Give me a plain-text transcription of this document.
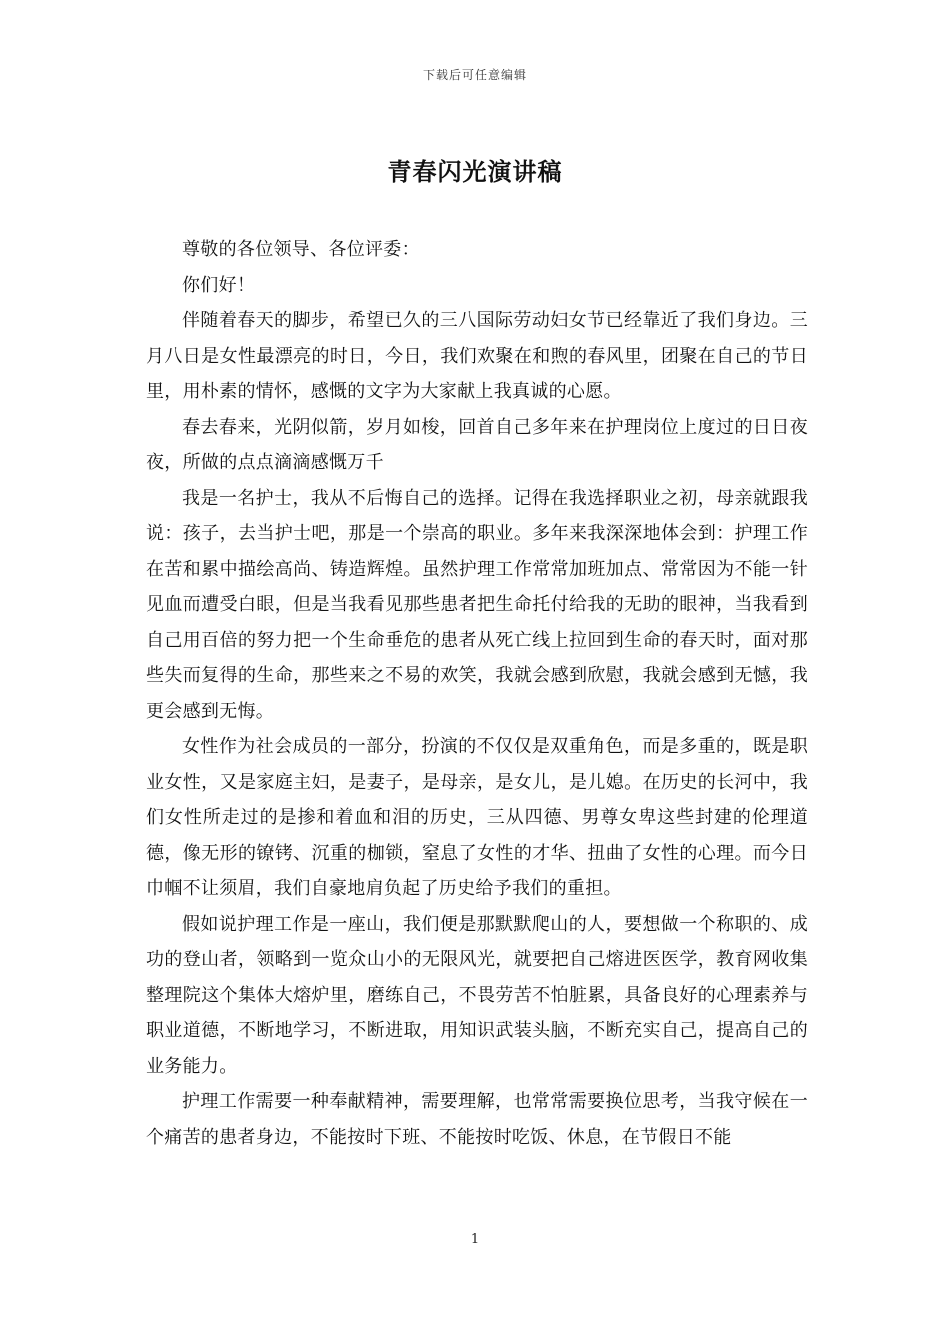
下载后可任意编辑
青春闪光演讲稿

尊敬的各位领导、各位评委：

你们好！

伴随着春天的脚步，希望已久的三八国际劳动妇女节已经靠近了我们身边。三月八日是女性最漂亮的时日，今日，我们欢聚在和煦的春风里，团聚在自己的节日里，用朴素的情怀，感慨的文字为大家献上我真诚的心愿。

春去春来，光阴似箭，岁月如梭，回首自己多年来在护理岗位上度过的日日夜夜，所做的点点滴滴感慨万千

我是一名护士，我从不后悔自己的选择。记得在我选择职业之初，母亲就跟我说：孩子，去当护士吧，那是一个崇高的职业。多年来我深深地体会到：护理工作在苦和累中描绘高尚、铸造辉煌。虽然护理工作常常加班加点、常常因为不能一针见血而遭受白眼，但是当我看见那些患者把生命托付给我的无助的眼神，当我看到自己用百倍的努力把一个生命垂危的患者从死亡线上拉回到生命的春天时，面对那些失而复得的生命，那些来之不易的欢笑，我就会感到欣慰，我就会感到无憾，我更会感到无悔。

女性作为社会成员的一部分，扮演的不仅仅是双重角色，而是多重的，既是职业女性，又是家庭主妇，是妻子，是母亲，是女儿，是儿媳。在历史的长河中，我们女性所走过的是掺和着血和泪的历史，三从四德、男尊女卑这些封建的伦理道德，像无形的镣铐、沉重的枷锁，窒息了女性的才华、扭曲了女性的心理。而今日巾帼不让须眉，我们自豪地肩负起了历史给予我们的重担。

假如说护理工作是一座山，我们便是那默默爬山的人，要想做一个称职的、成功的登山者，领略到一览众山小的无限风光，就要把自己熔进医医学，教育网收集整理院这个集体大熔炉里，磨练自己，不畏劳苦不怕脏累，具备良好的心理素养与职业道德，不断地学习，不断进取，用知识武装头脑，不断充实自己，提高自己的业务能力。

护理工作需要一种奉献精神，需要理解，也常常需要换位思考，当我守候在一个痛苦的患者身边，不能按时下班、不能按时吃饭、休息，在节假日不能

1
